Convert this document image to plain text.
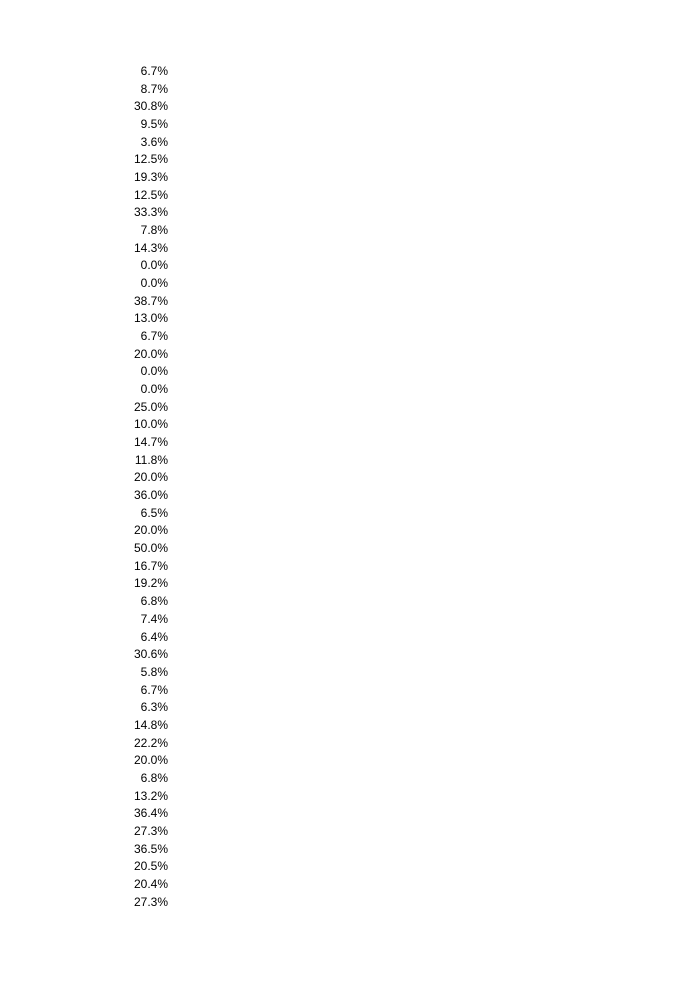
6.7%
8.7%
30.8%
9.5%
3.6%
12.5%
19.3%
12.5%
33.3%
7.8%
14.3%
0.0%
0.0%
38.7%
13.0%
6.7%
20.0%
0.0%
0.0%
25.0%
10.0%
14.7%
11.8%
20.0%
36.0%
6.5%
20.0%
50.0%
16.7%
19.2%
6.8%
7.4%
6.4%
30.6%
5.8%
6.7%
6.3%
14.8%
22.2%
20.0%
6.8%
13.2%
36.4%
27.3%
36.5%
20.5%
20.4%
27.3%
